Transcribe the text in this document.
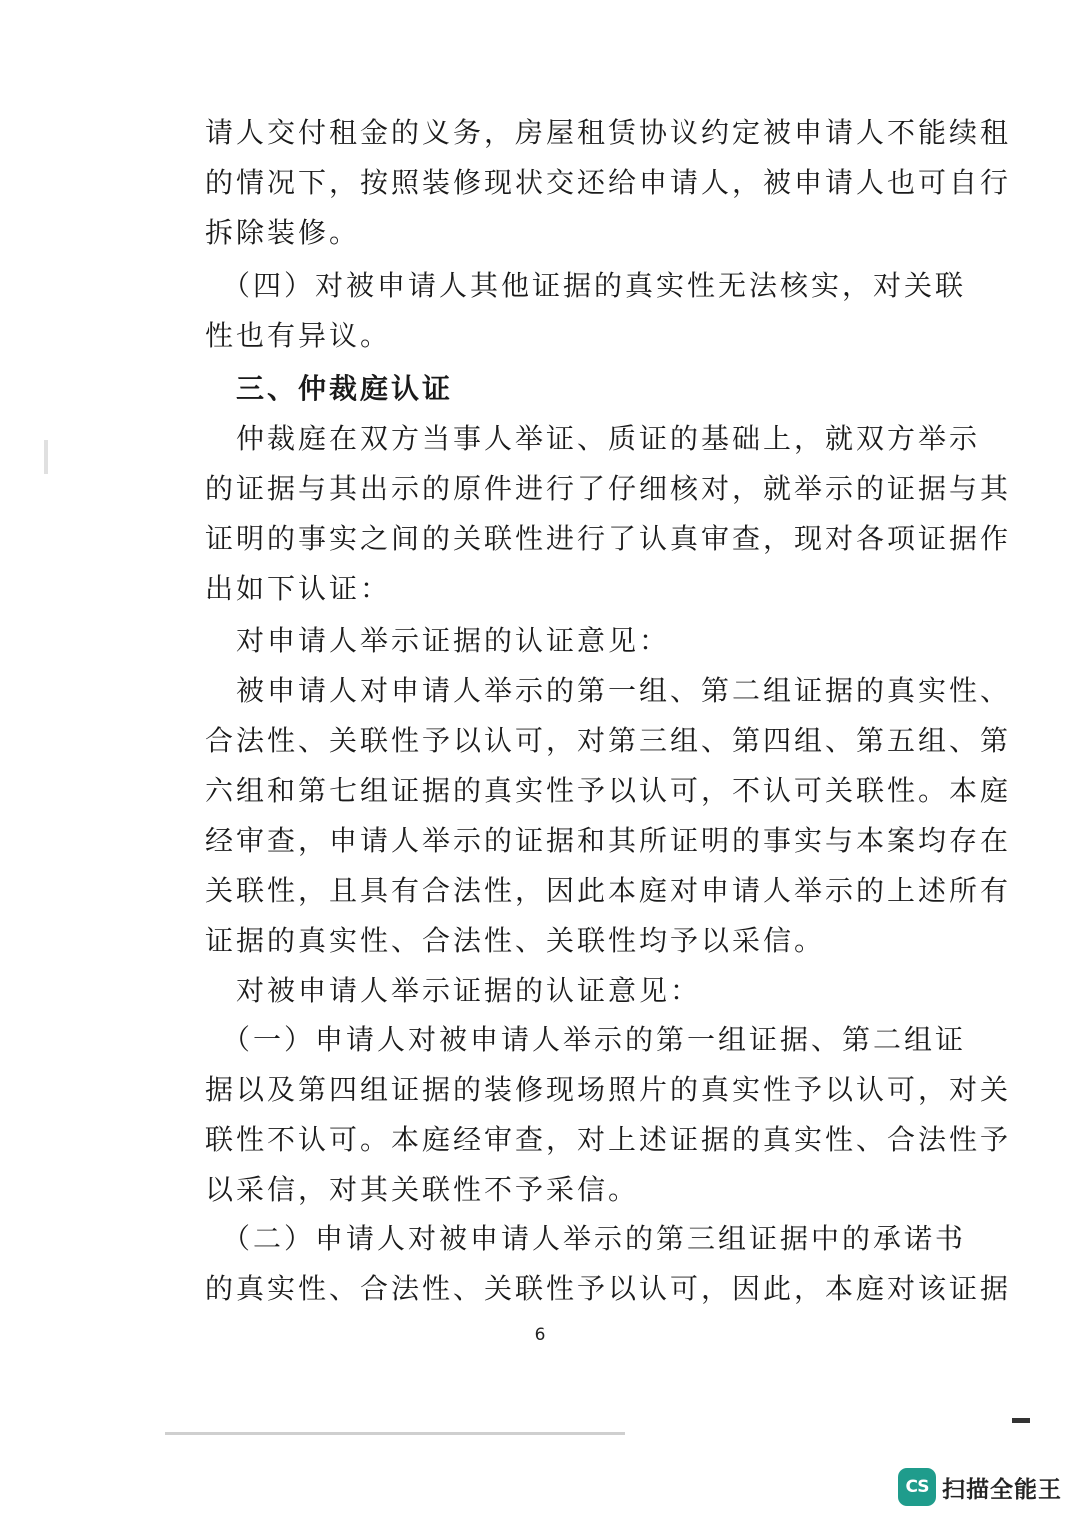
请人交付租金的义务，房屋租赁协议约定被申请人不能续租
的情况下，按照装修现状交还给申请人，被申请人也可自行
拆除装修。
　（四）对被申请人其他证据的真实性无法核实，对关联
性也有异议。
　三、仲裁庭认证
　仲裁庭在双方当事人举证、质证的基础上，就双方举示
的证据与其出示的原件进行了仔细核对，就举示的证据与其
证明的事实之间的关联性进行了认真审查，现对各项证据作
出如下认证：
　对申请人举示证据的认证意见：
　被申请人对申请人举示的第一组、第二组证据的真实性、
合法性、关联性予以认可，对第三组、第四组、第五组、第
六组和第七组证据的真实性予以认可，不认可关联性。本庭
经审查，申请人举示的证据和其所证明的事实与本案均存在
关联性，且具有合法性，因此本庭对申请人举示的上述所有
证据的真实性、合法性、关联性均予以采信。
　对被申请人举示证据的认证意见：
　（一）申请人对被申请人举示的第一组证据、第二组证
据以及第四组证据的装修现场照片的真实性予以认可，对关
联性不认可。本庭经审查，对上述证据的真实性、合法性予
以采信，对其关联性不予采信。
　（二）申请人对被申请人举示的第三组证据中的承诺书
的真实性、合法性、关联性予以认可，因此，本庭对该证据
6
CS 扫描全能王
